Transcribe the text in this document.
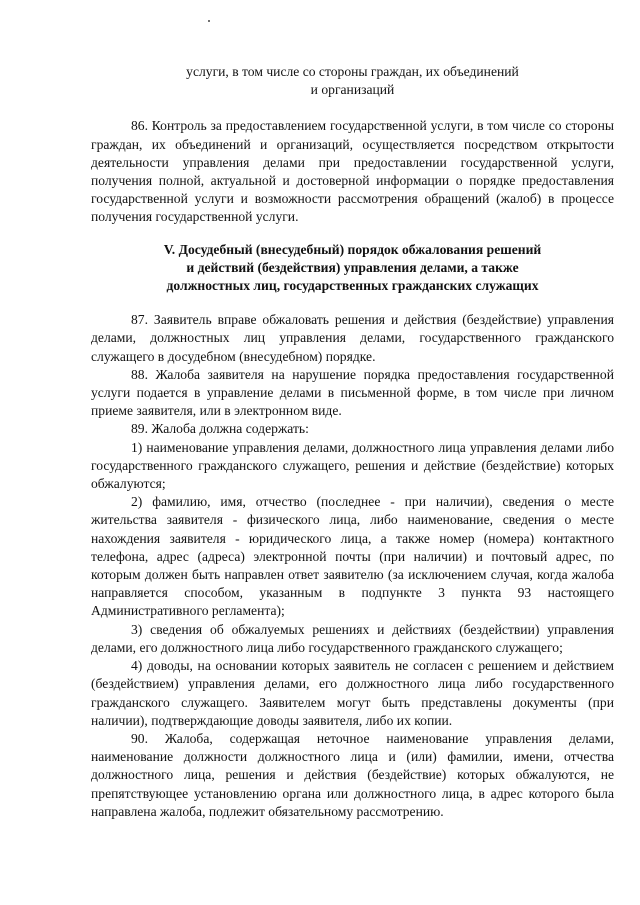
услуги, в том числе со стороны граждан, их объединений

и организаций

86. Контроль за предоставлением государственной услуги, в том числе со стороны граждан, их объединений и организаций, осуществляется посредством открытости деятельности управления делами при предоставлении государственной услуги, получения полной, актуальной и достоверной информации о порядке предоставления государственной услуги и возможности рассмотрения обращений (жалоб) в процессе получения государственной услуги.

V. Досудебный (внесудебный) порядок обжалования решений

и действий (бездействия) управления делами, а также

должностных лиц, государственных гражданских служащих

87. Заявитель вправе обжаловать решения и действия (бездействие) управления делами, должностных лиц управления делами, государственного гражданского служащего в досудебном (внесудебном) порядке.

88. Жалоба заявителя на нарушение порядка предоставления государственной услуги подается в управление делами в письменной форме, в том числе при личном приеме заявителя, или в электронном виде.

89. Жалоба должна содержать:

1) наименование управления делами, должностного лица управления делами либо государственного гражданского служащего, решения и действие (бездействие) которых обжалуются;

2) фамилию, имя, отчество (последнее - при наличии), сведения о месте жительства заявителя - физического лица, либо наименование, сведения о месте нахождения заявителя - юридического лица, а также номер (номера) контактного телефона, адрес (адреса) электронной почты (при наличии) и почтовый адрес, по которым должен быть направлен ответ заявителю (за исключением случая, когда жалоба направляется способом, указанным в подпункте 3 пункта 93 настоящего Административного регламента);

3) сведения об обжалуемых решениях и действиях (бездействии) управления делами, его должностного лица либо государственного гражданского служащего;

4) доводы, на основании которых заявитель не согласен с решением и действием (бездействием) управления делами, его должностного лица либо государственного гражданского служащего. Заявителем могут быть представлены документы (при наличии), подтверждающие доводы заявителя, либо их копии.

90. Жалоба, содержащая неточное наименование управления делами, наименование должности должностного лица и (или) фамилии, имени, отчества должностного лица, решения и действия (бездействие) которых обжалуются, не препятствующее установлению органа или должностного лица, в адрес которого была направлена жалоба, подлежит обязательному рассмотрению.
